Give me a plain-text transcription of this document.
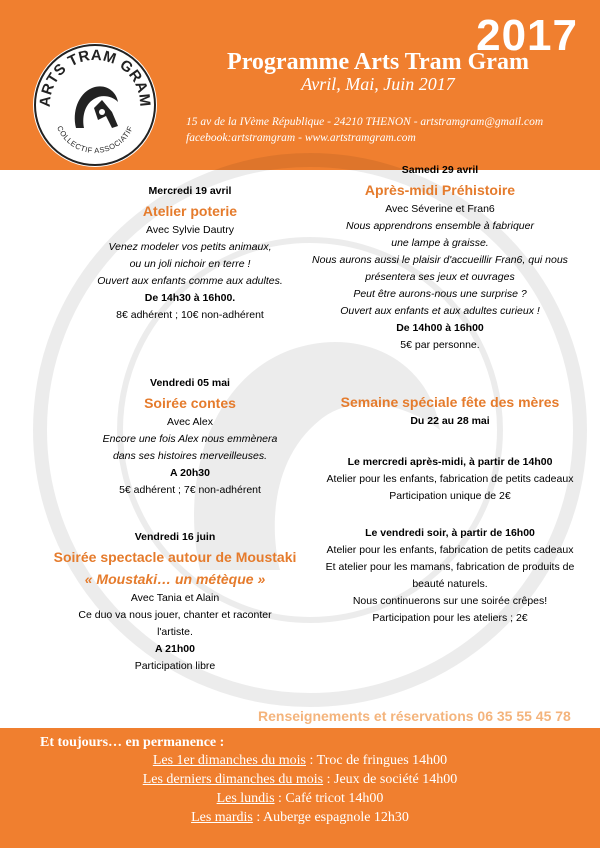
2017
Programme Arts Tram Gram
Avril, Mai, Juin 2017
15 av de la IVème République - 24210 THENON - artstramgram@gmail.com
facebook:artstramgram - www.artstramgram.com
ARTS TRAM GRAM
COLLECTIF ASSOCIATIF

Mercredi 19 avril

Atelier poterie

Avec Sylvie Dautry

Venez modeler vos petits animaux,

ou un joli nichoir en terre !

Ouvert aux enfants comme aux adultes.

De 14h30 à 16h00.

8€ adhérent ; 10€ non-adhérent

Samedi 29 avril

Après-midi Préhistoire

Avec Séverine et Fran6

Nous apprendrons ensemble à fabriquer

une lampe à graisse.

Nous aurons aussi le plaisir d'accueillir Fran6, qui nous

présentera ses jeux et ouvrages

Peut être aurons-nous une surprise ?

Ouvert aux enfants et aux adultes curieux !

De 14h00 à 16h00

5€ par personne.

Vendredi 05 mai

Soirée contes

Avec Alex

Encore une fois Alex nous emmènera

dans ses histoires merveilleuses.

A 20h30

5€ adhérent ; 7€ non-adhérent

Semaine spéciale fête des mères

Du 22 au 28 mai

Le mercredi après-midi, à partir de 14h00

Atelier pour les enfants, fabrication de petits cadeaux

Participation unique de 2€

Le vendredi soir, à partir de 16h00

Atelier pour les enfants, fabrication de petits cadeaux

Et atelier pour les mamans, fabrication de produits de

beauté naturels.

Nous continuerons sur une soirée crêpes!

Participation pour les ateliers ; 2€

Vendredi 16 juin

Soirée spectacle autour de Moustaki

« Moustaki… un métèque »

Avec Tania et Alain

Ce duo va nous jouer, chanter et raconter

l'artiste.

A 21h00

Participation libre

Renseignements et réservations 06 35 55 45 78
Et toujours… en permanence :
Les 1er dimanches du mois : Troc de fringues 14h00
Les derniers dimanches du mois : Jeux de société 14h00
Les lundis : Café tricot 14h00
Les mardis : Auberge espagnole 12h30
